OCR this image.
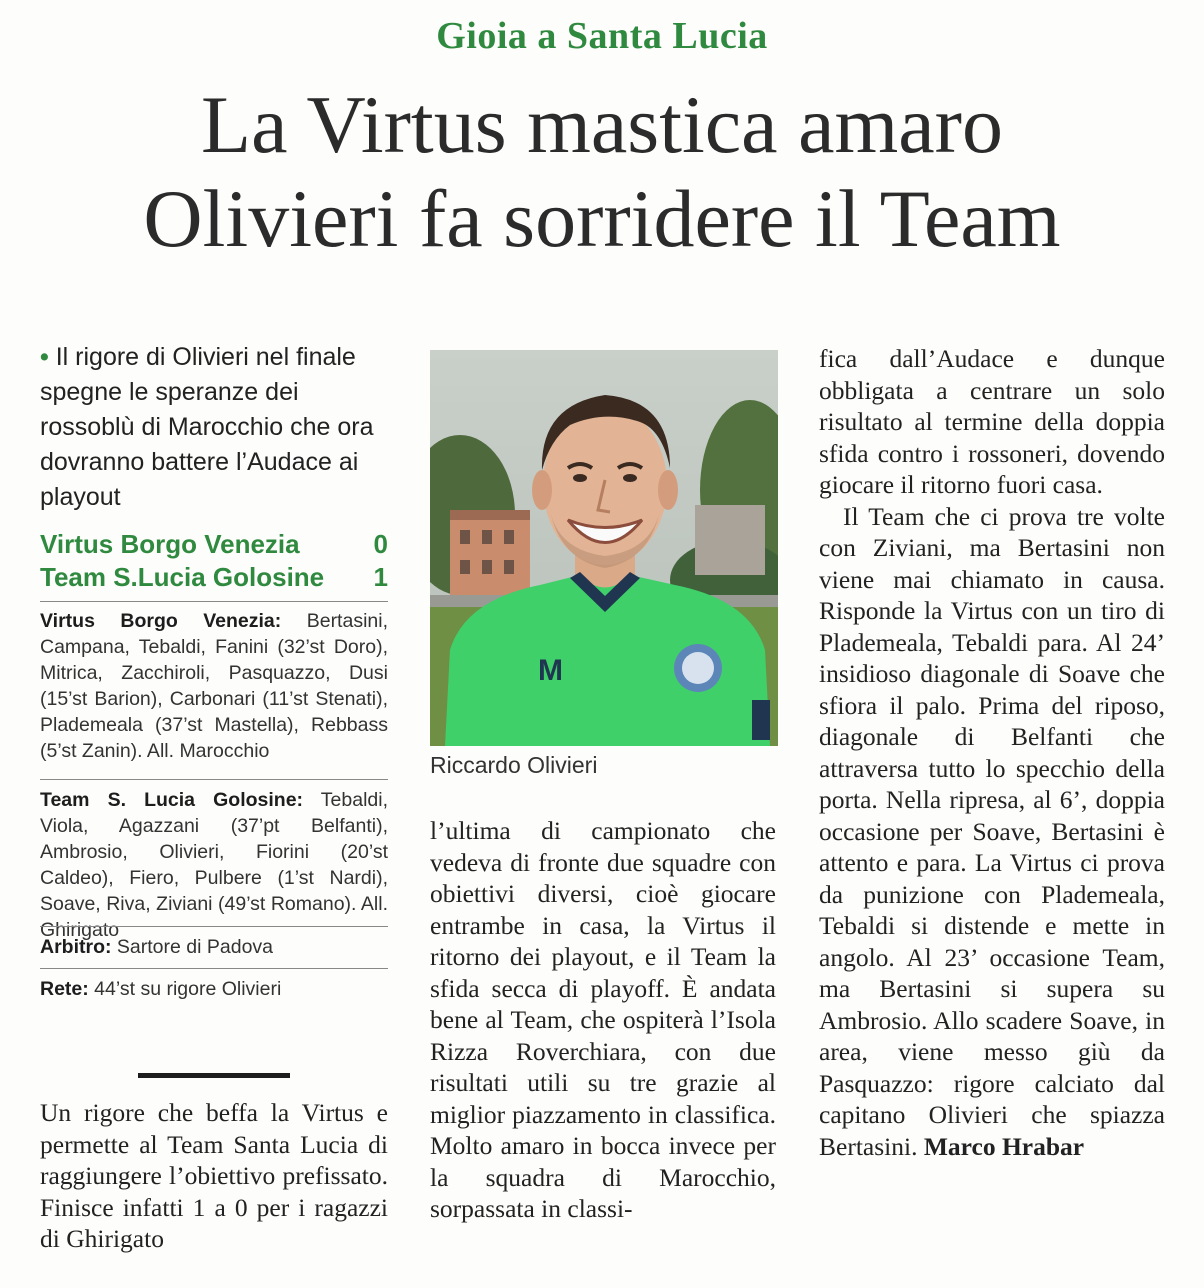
Gioia a Santa Lucia
La Virtus mastica amaro
Olivieri fa sorridere il Team
• Il rigore di Olivieri nel finale spegne le speranze dei rossoblù di Marocchio che ora dovranno battere l’Audace ai playout
Virtus Borgo Venezia	0
Team S.Lucia Golosine 1
Virtus Borgo Venezia: Bertasini, Campana, Tebaldi, Fanini (32’st Doro), Mitrica, Zacchiroli, Pasquazzo, Dusi (15’st Barion), Carbonari (11’st Stenati), Plademeala (37’st Mastella), Rebbass (5’st Zanin). All. Marocchio
Team S. Lucia Golosine: Tebaldi, Viola, Agazzani (37’pt Belfanti), Ambrosio, Olivieri, Fiorini (20’st Caldeo), Fiero, Pulbere (1’st Nardi), Soave, Riva, Ziviani (49’st Romano). All. Ghirigato
Arbitro: Sartore di Padova
Rete: 44’st su rigore Olivieri
Un rigore che beffa la Virtus e permette al Team Santa Lucia di raggiungere l’obiettivo prefissato. Finisce infatti 1 a 0 per i ragazzi di Ghirigato
M
Riccardo Olivieri
l’ultima di campionato che vedeva di fronte due squadre con obiettivi diversi, cioè giocare entrambe in casa, la Virtus il ritorno dei playout, e il Team la sfida secca di playoff. È andata bene al Team, che ospiterà l’Isola Rizza Roverchiara, con due risultati utili su tre grazie al miglior piazzamento in classifica. Molto amaro in bocca invece per la squadra di Marocchio, sorpassata in classi-
fica dall’Audace e dunque obbligata a centrare un solo risultato al termine della doppia sfida contro i rossoneri, dovendo giocare il ritorno fuori casa.
Il Team che ci prova tre volte con Ziviani, ma Bertasini non viene mai chiamato in causa. Risponde la Virtus con un tiro di Plademeala, Tebaldi para. Al 24’ insidioso diagonale di Soave che sfiora il palo. Prima del riposo, diagonale di Belfanti che attraversa tutto lo specchio della porta. Nella ripresa, al 6’, doppia occasione per Soave, Bertasini è attento e para. La Virtus ci prova da punizione con Plademeala, Tebaldi si distende e mette in angolo. Al 23’ occasione Team, ma Bertasini si supera su Ambrosio. Allo scadere Soave, in area, viene messo giù da Pasquazzo: rigore calciato dal capitano Olivieri che spiazza Bertasini. Marco Hrabar
